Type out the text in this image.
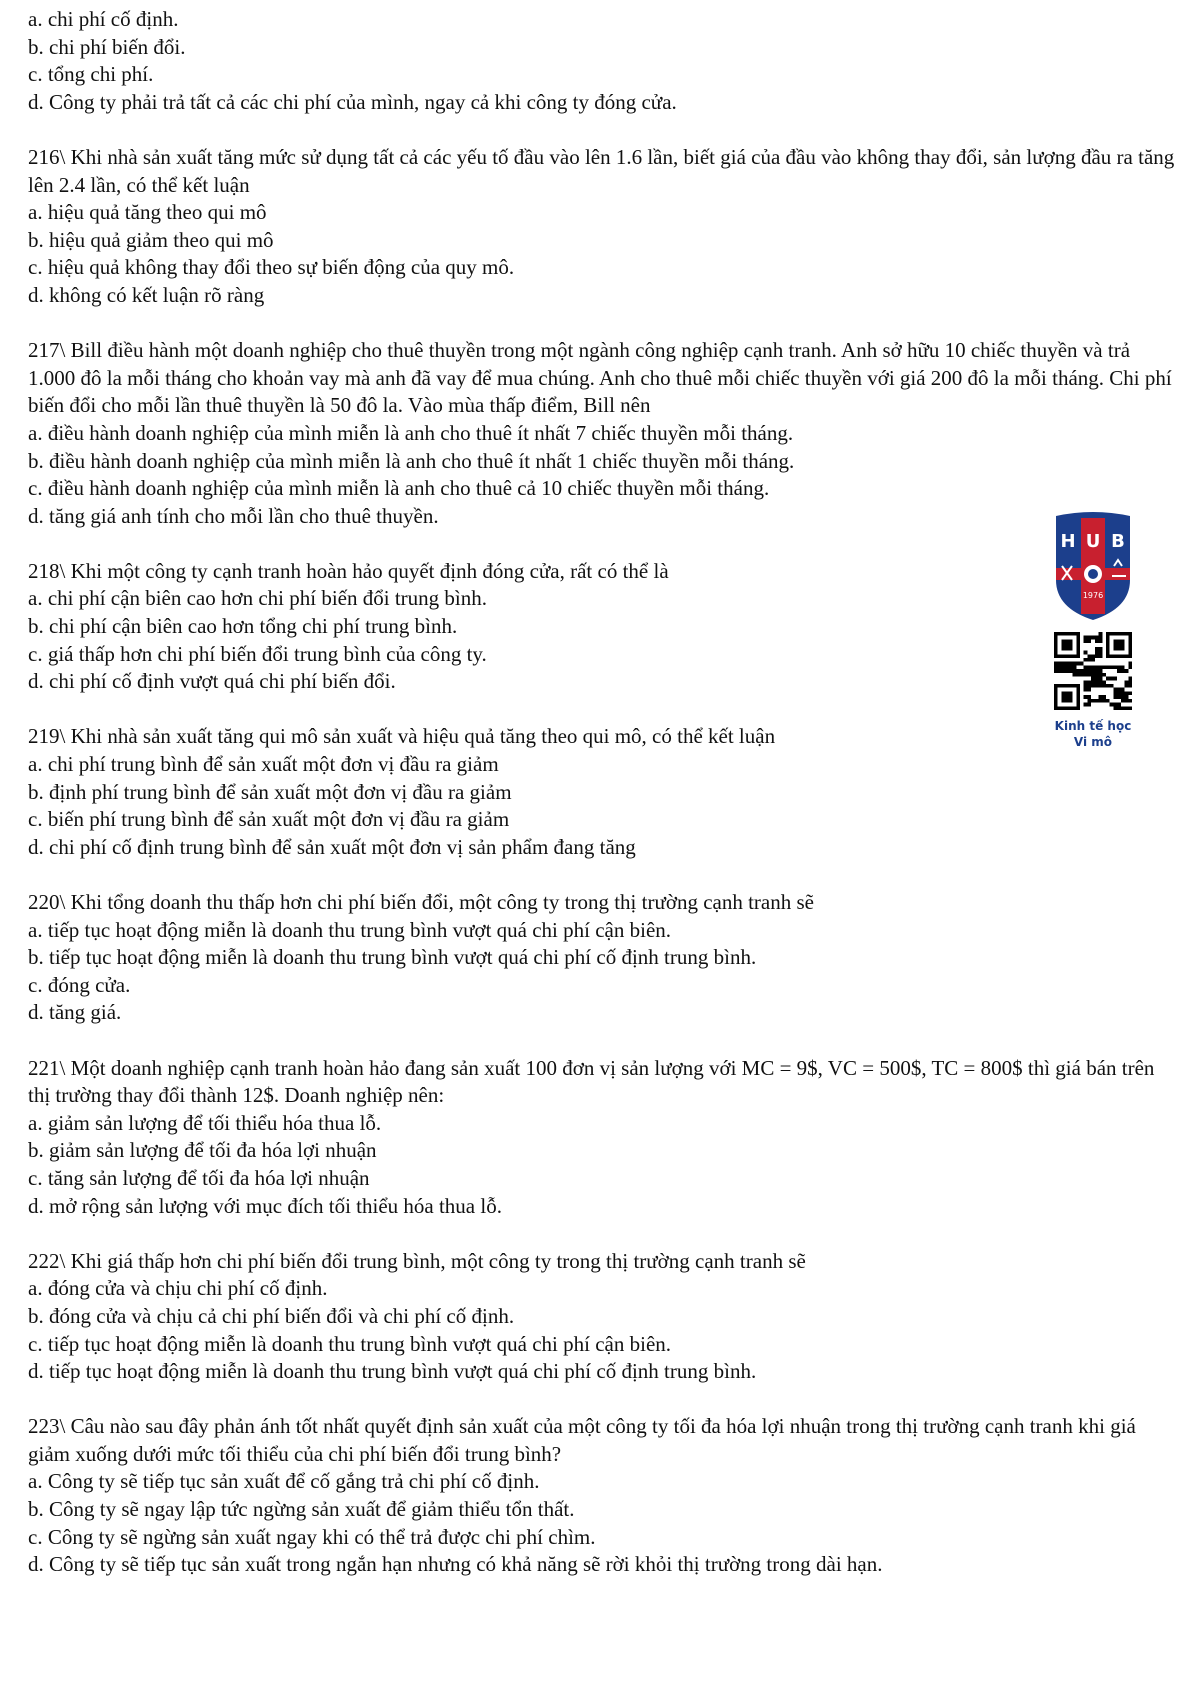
a. chi phí cố định.
b. chi phí biến đổi.
c. tổng chi phí.
d. Công ty phải trả tất cả các chi phí của mình, ngay cả khi công ty đóng cửa.
216\ Khi nhà sản xuất tăng mức sử dụng tất cả các yếu tố đầu vào lên 1.6 lần, biết giá của đầu vào không thay đổi, sản lượng đầu ra tăng lên 2.4 lần, có thể kết luận
a. hiệu quả tăng theo qui mô
b. hiệu quả giảm theo qui mô
c. hiệu quả không thay đổi theo sự biến động của quy mô.
d. không có kết luận rõ ràng
217\ Bill điều hành một doanh nghiệp cho thuê thuyền trong một ngành công nghiệp cạnh tranh. Anh sở hữu 10 chiếc thuyền và trả 1.000 đô la mỗi tháng cho khoản vay mà anh đã vay để mua chúng. Anh cho thuê mỗi chiếc thuyền với giá 200 đô la mỗi tháng. Chi phí biến đổi cho mỗi lần thuê thuyền là 50 đô la. Vào mùa thấp điểm, Bill nên
a. điều hành doanh nghiệp của mình miễn là anh cho thuê ít nhất 7 chiếc thuyền mỗi tháng.
b. điều hành doanh nghiệp của mình miễn là anh cho thuê ít nhất 1 chiếc thuyền mỗi tháng.
c. điều hành doanh nghiệp của mình miễn là anh cho thuê cả 10 chiếc thuyền mỗi tháng.
d. tăng giá anh tính cho mỗi lần cho thuê thuyền.
218\ Khi một công ty cạnh tranh hoàn hảo quyết định đóng cửa, rất có thể là
a. chi phí cận biên cao hơn chi phí biến đổi trung bình.
b. chi phí cận biên cao hơn tổng chi phí trung bình.
c. giá thấp hơn chi phí biến đổi trung bình của công ty.
d. chi phí cố định vượt quá chi phí biến đổi.
219\ Khi nhà sản xuất tăng qui mô sản xuất và hiệu quả tăng theo qui mô, có thể kết luận
a. chi phí trung bình để sản xuất một đơn vị đầu ra giảm
b. định phí trung bình để sản xuất một đơn vị đầu ra giảm
c. biến phí trung bình để sản xuất một đơn vị đầu ra giảm
d. chi phí cố định trung bình để sản xuất một đơn vị sản phẩm đang tăng
220\ Khi tổng doanh thu thấp hơn chi phí biến đổi, một công ty trong thị trường cạnh tranh sẽ
a. tiếp tục hoạt động miễn là doanh thu trung bình vượt quá chi phí cận biên.
b. tiếp tục hoạt động miễn là doanh thu trung bình vượt quá chi phí cố định trung bình.
c. đóng cửa.
d. tăng giá.
221\ Một doanh nghiệp cạnh tranh hoàn hảo đang sản xuất 100 đơn vị sản lượng với MC = 9$, VC = 500$, TC = 800$ thì giá bán trên thị trường thay đổi thành 12$. Doanh nghiệp nên:
a. giảm sản lượng để tối thiểu hóa thua lỗ.
b. giảm sản lượng để tối đa hóa lợi nhuận
c. tăng sản lượng để tối đa hóa lợi nhuận
d. mở rộng sản lượng với mục đích tối thiểu hóa thua lỗ.
222\ Khi giá thấp hơn chi phí biến đổi trung bình, một công ty trong thị trường cạnh tranh sẽ
a. đóng cửa và chịu chi phí cố định.
b. đóng cửa và chịu cả chi phí biến đổi và chi phí cố định.
c. tiếp tục hoạt động miễn là doanh thu trung bình vượt quá chi phí cận biên.
d. tiếp tục hoạt động miễn là doanh thu trung bình vượt quá chi phí cố định trung bình.
223\ Câu nào sau đây phản ánh tốt nhất quyết định sản xuất của một công ty tối đa hóa lợi nhuận trong thị trường cạnh tranh khi giá giảm xuống dưới mức tối thiểu của chi phí biến đổi trung bình?
a. Công ty sẽ tiếp tục sản xuất để cố gắng trả chi phí cố định.
b. Công ty sẽ ngay lập tức ngừng sản xuất để giảm thiểu tổn thất.
c. Công ty sẽ ngừng sản xuất ngay khi có thể trả được chi phí chìm.
d. Công ty sẽ tiếp tục sản xuất trong ngắn hạn nhưng có khả năng sẽ rời khỏi thị trường trong dài hạn.
H U B
1976
Kinh tế học
Vi mô
